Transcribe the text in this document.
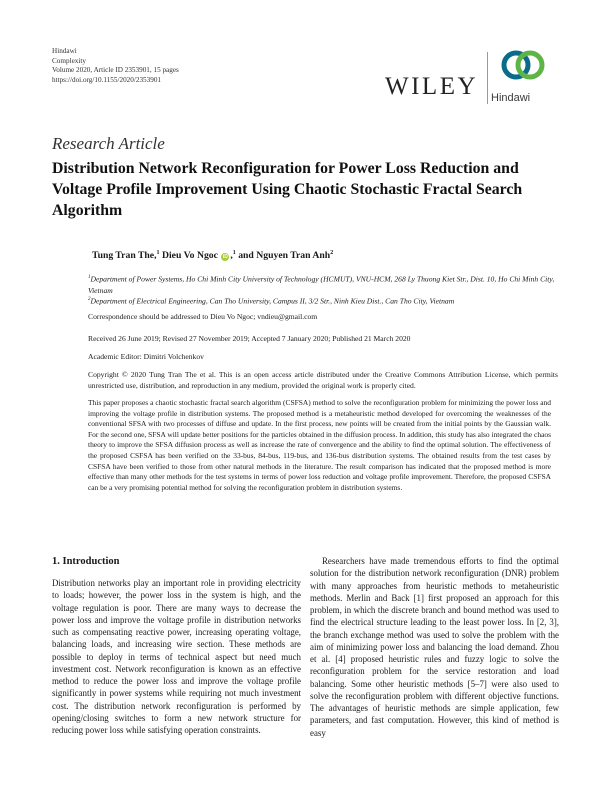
Hindawi
Complexity
Volume 2020, Article ID 2353901, 15 pages
https://doi.org/10.1155/2020/2353901	WILEY Hindawi
Research Article
Distribution Network Reconfiguration for Power Loss Reduction and Voltage Profile Improvement Using Chaotic Stochastic Fractal Search Algorithm
Tung Tran The,$^1$ Dieu Vo Ngoc iD ,$^1$ and Nguyen Tran Anh$^2$
$^1$Department of Power Systems, Ho Chi Minh City University of Technology (HCMUT), VNU-HCM, 268 Ly Thuong Kiet Str., Dist. 10, Ho Chi Minh City, Vietnam
$^2$Department of Electrical Engineering, Can Tho University, Campus II, 3/2 Str., Ninh Kieu Dist., Can Tho City, Vietnam
Correspondence should be addressed to Dieu Vo Ngoc; vndieu@gmail.com
Received 26 June 2019; Revised 27 November 2019; Accepted 7 January 2020; Published 21 March 2020
Academic Editor: Dimitri Volchenkov
Copyright © 2020 Tung Tran The et al. This is an open access article distributed under the Creative Commons Attribution License, which permits unrestricted use, distribution, and reproduction in any medium, provided the original work is properly cited.

This paper proposes a chaotic stochastic fractal search algorithm (CSFSA) method to solve the reconfiguration problem for minimizing the power loss and improving the voltage profile in distribution systems. The proposed method is a metaheuristic method developed for overcoming the weaknesses of the conventional SFSA with two processes of diffuse and update. In the first process, new points will be created from the initial points by the Gaussian walk. For the second one, SFSA will update better positions for the particles obtained in the diffusion process. In addition, this study has also integrated the chaos theory to improve the SFSA diffusion process as well as increase the rate of convergence and the ability to find the optimal solution. The effectiveness of the proposed CSFSA has been verified on the 33-bus, 84-bus, 119-bus, and 136-bus distribution systems. The obtained results from the test cases by CSFSA have been verified to those from other natural methods in the literature. The result comparison has indicated that the proposed method is more effective than many other methods for the test systems in terms of power loss reduction and voltage profile improvement. Therefore, the proposed CSFSA can be a very promising potential method for solving the reconfiguration problem in distribution systems.

1. Introduction

Distribution networks play an important role in providing electricity to loads; however, the power loss in the system is high, and the voltage regulation is poor. There are many ways to decrease the power loss and improve the voltage profile in distribution networks such as compensating reactive power, increasing operating voltage, balancing loads, and increasing wire section. These methods are possible to deploy in terms of technical aspect but need much investment cost. Network reconfiguration is known as an effective method to reduce the power loss and improve the voltage profile significantly in power systems while requiring not much investment cost. The distribution network reconfiguration is performed by opening/closing switches to form a new network structure for reducing power loss while satisfying operation constraints.

Researchers have made tremendous efforts to find the optimal solution for the distribution network reconfiguration (DNR) problem with many approaches from heuristic methods to metaheuristic methods. Merlin and Back [1] first proposed an approach for this problem, in which the discrete branch and bound method was used to find the electrical structure leading to the least power loss. In [2, 3], the branch exchange method was used to solve the problem with the aim of minimizing power loss and balancing the load demand. Zhou et al. [4] proposed heuristic rules and fuzzy logic to solve the reconfiguration problem for the service restoration and load balancing. Some other heuristic methods [5–7] were also used to solve the reconfiguration problem with different objective functions. The advantages of heuristic methods are simple application, few parameters, and fast computation. However, this kind of method is easy
